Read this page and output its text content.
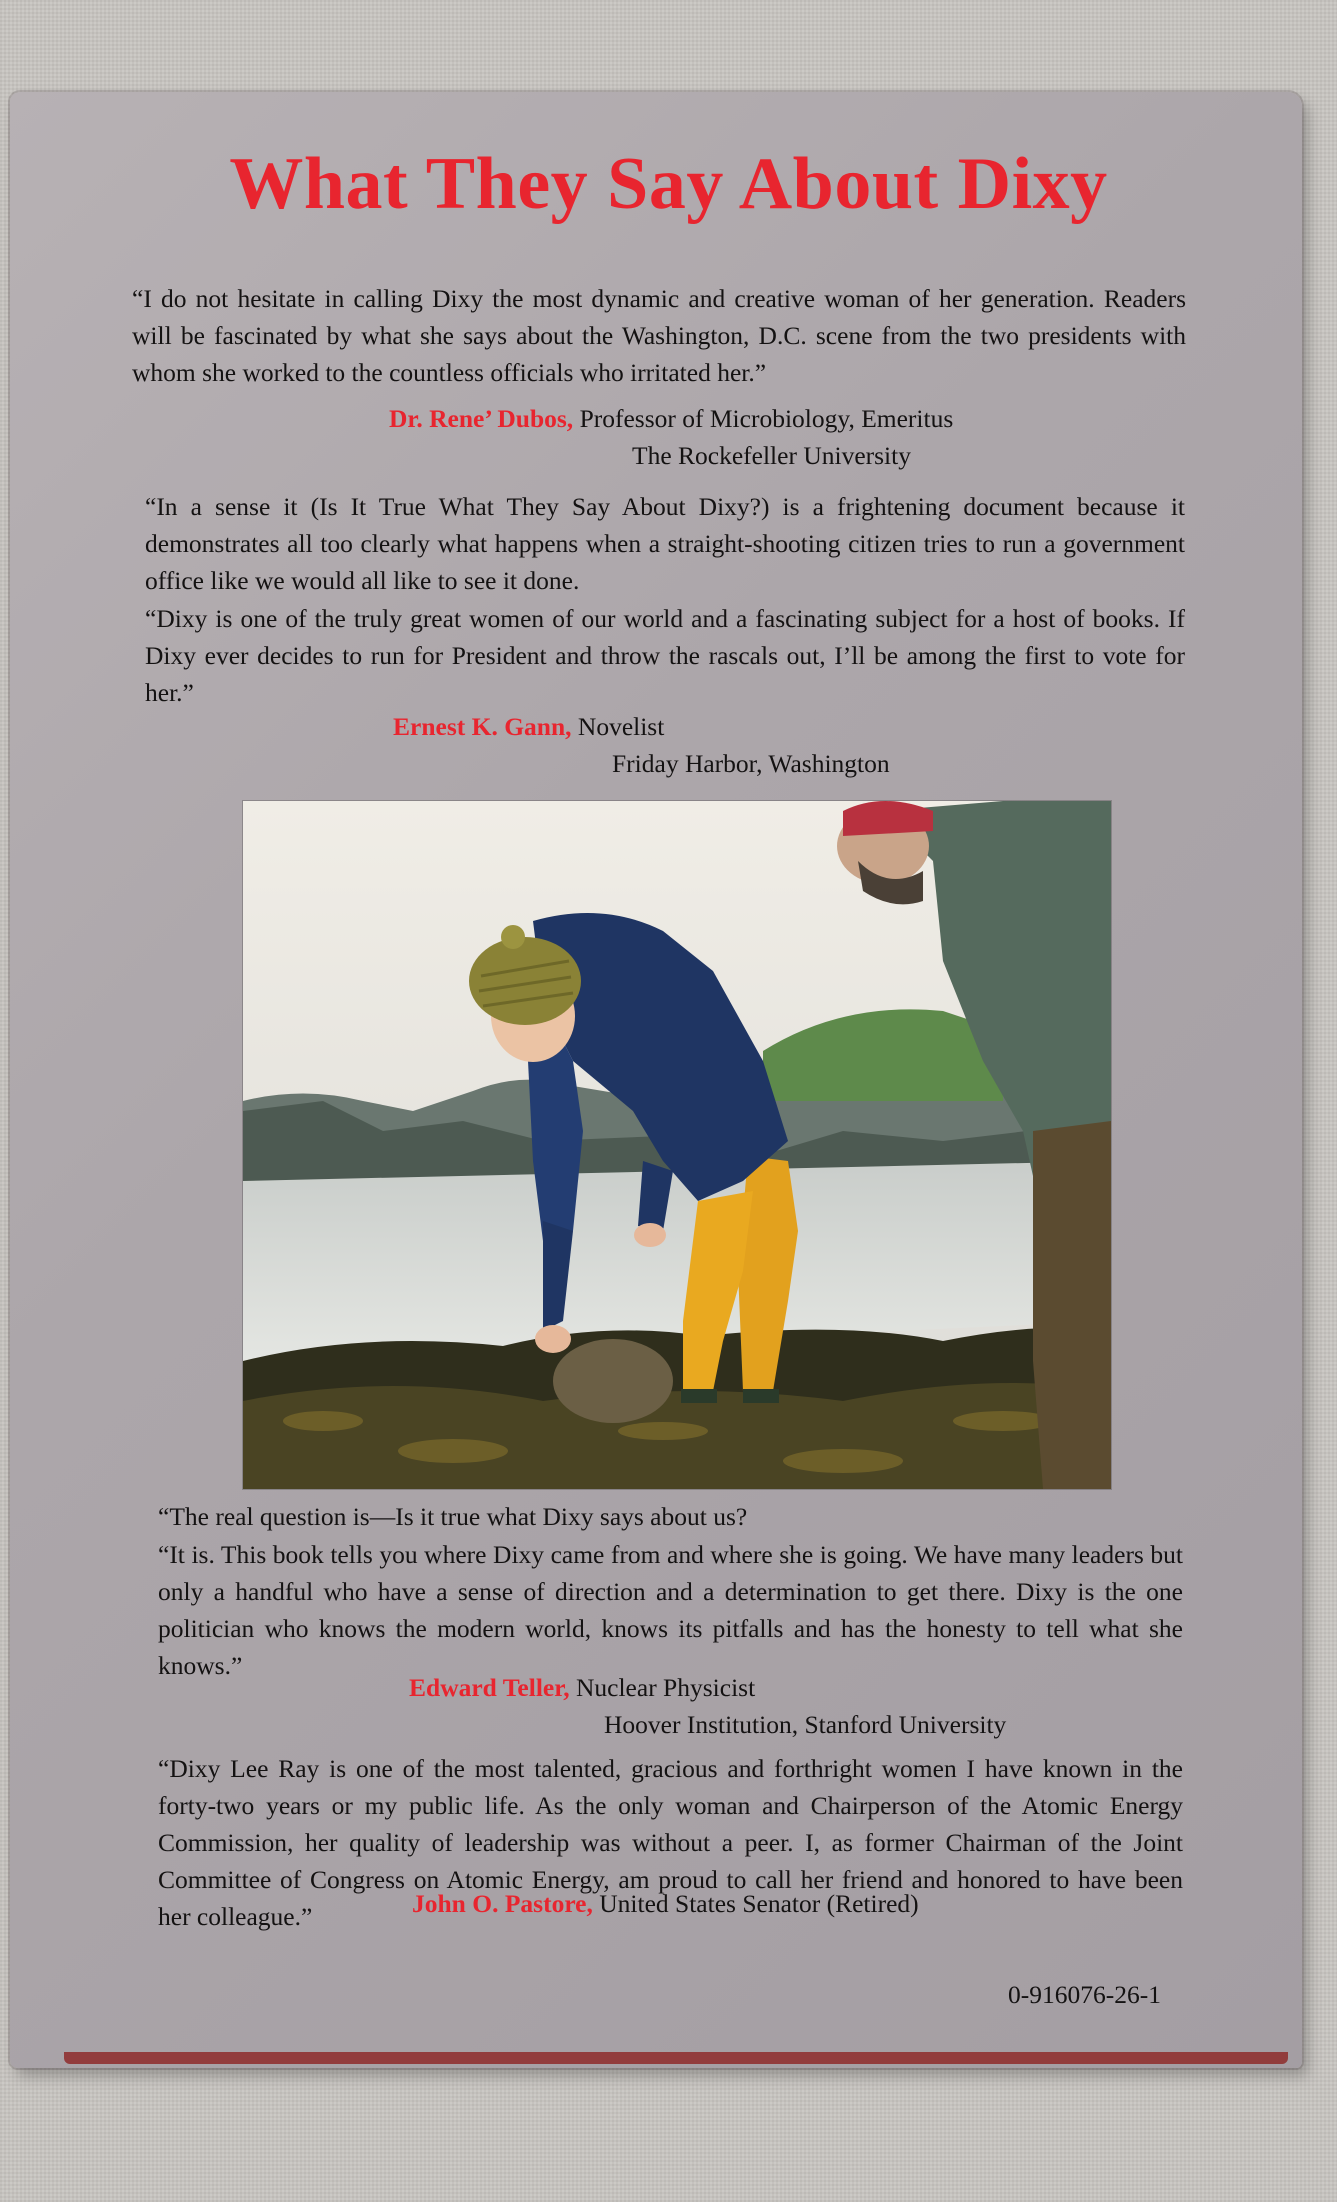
What They Say About Dixy

“I do not hesitate in calling Dixy the most dynamic and creative woman of her generation. Readers will be fascinated by what she says about the Washington, D.C. scene from the two presidents with whom she worked to the countless officials who irritated her.”

Dr. Rene’ Dubos, Professor of Microbiology, Emeritus
The Rockefeller University

“In a sense it (Is It True What They Say About Dixy?) is a frightening document because it demonstrates all too clearly what happens when a straight-shooting citizen tries to run a government office like we would all like to see it done.

“Dixy is one of the truly great women of our world and a fascinating subject for a host of books. If Dixy ever decides to run for President and throw the rascals out, I’ll be among the first to vote for her.”

Ernest K. Gann, Novelist
Friday Harbor, Washington

“The real question is—Is it true what Dixy says about us?

“It is. This book tells you where Dixy came from and where she is going. We have many leaders but only a handful who have a sense of direction and a determination to get there. Dixy is the one politician who knows the modern world, knows its pitfalls and has the honesty to tell what she knows.”

Edward Teller, Nuclear Physicist
Hoover Institution, Stanford University

“Dixy Lee Ray is one of the most talented, gracious and forthright women I have known in the forty-two years or my public life. As the only woman and Chairperson of the Atomic Energy Commission, her quality of leadership was without a peer. I, as former Chairman of the Joint Committee of Congress on Atomic Energy, am proud to call her friend and honored to have been her colleague.”	John O. Pastore, United States Senator (Retired)
0-916076-26-1
